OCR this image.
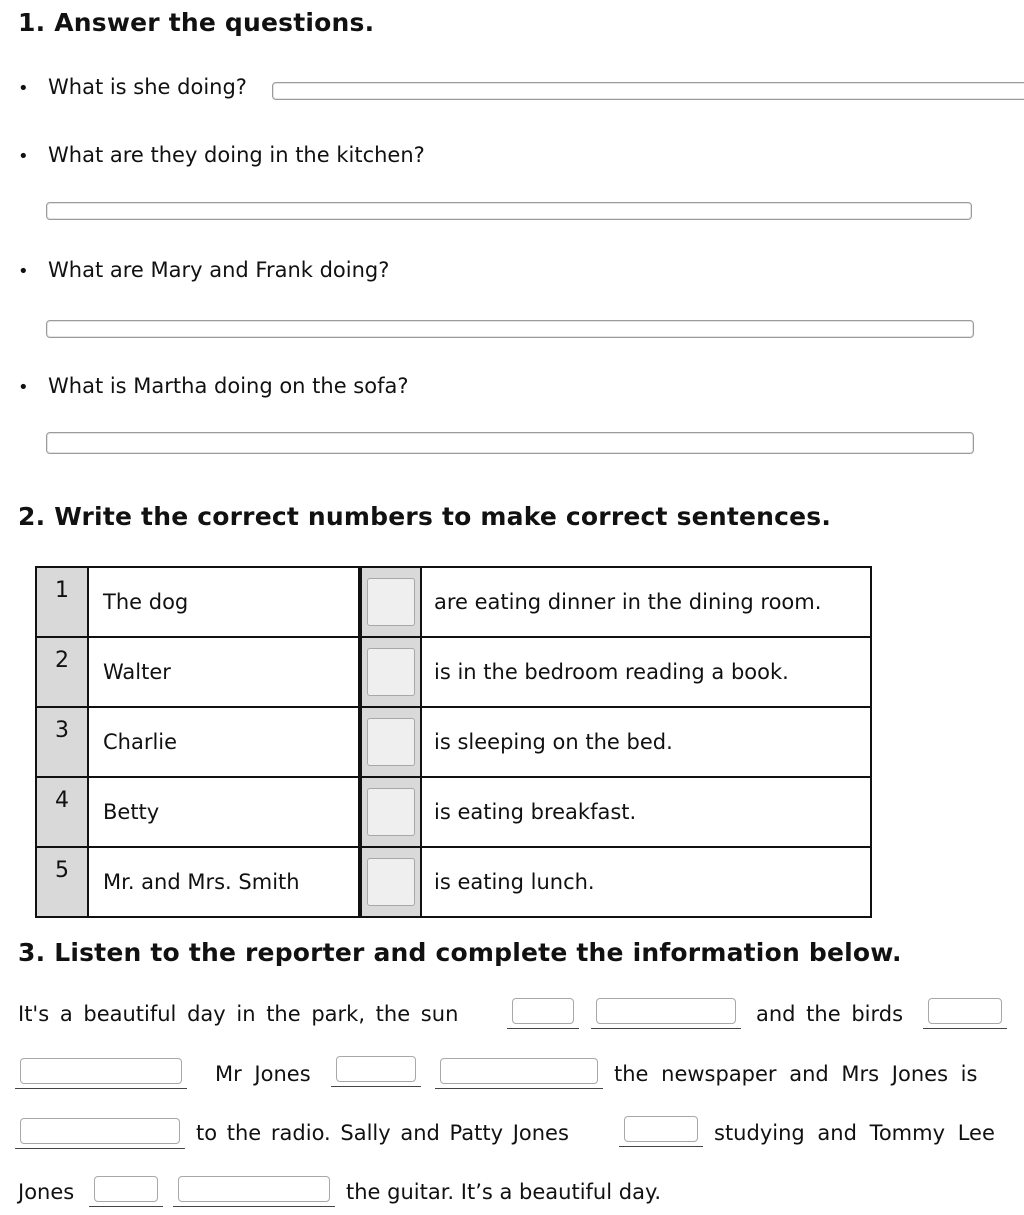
1. Answer the questions.
• What is she doing?
• What are they doing in the kitchen?
• What are Mary and Frank doing?
• What is Martha doing on the sofa?
2. Write the correct numbers to make correct sentences.
1	The dog		are eating dinner in the dining room.
2	Walter		is in the bedroom reading a book.
3	Charlie		is sleeping on the bed.
4	Betty		is eating breakfast.
5	Mr. and Mrs. Smith		is eating lunch.
3. Listen to the reporter and complete the information below.
It's a beautiful day in the park, the sun	and the birds
Mr Jones	the newspaper and Mrs Jones is
to the radio. Sally and Patty Jones	studying and Tommy Lee
Jones	the guitar. It’s a beautiful day.
